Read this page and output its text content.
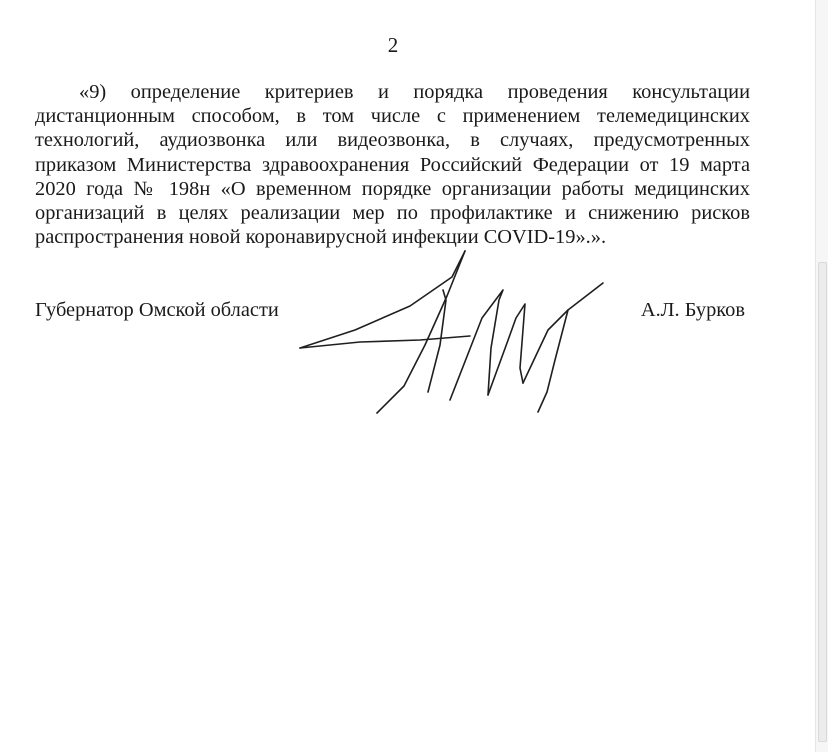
2
«9) определение критериев и порядка проведения консультации
дистанционным способом, в том числе с применением телемедицинских
технологий, аудиозвонка или видеозвонка, в случаях, предусмотренных
приказом Министерства здравоохранения Российский Федерации от 19 марта
2020 года № 198н «О временном порядке организации работы медицинских
организаций в целях реализации мер по профилактике и снижению рисков
распространения новой коронавирусной инфекции COVID-19».».
Губернатор Омской области	А.Л. Бурков
